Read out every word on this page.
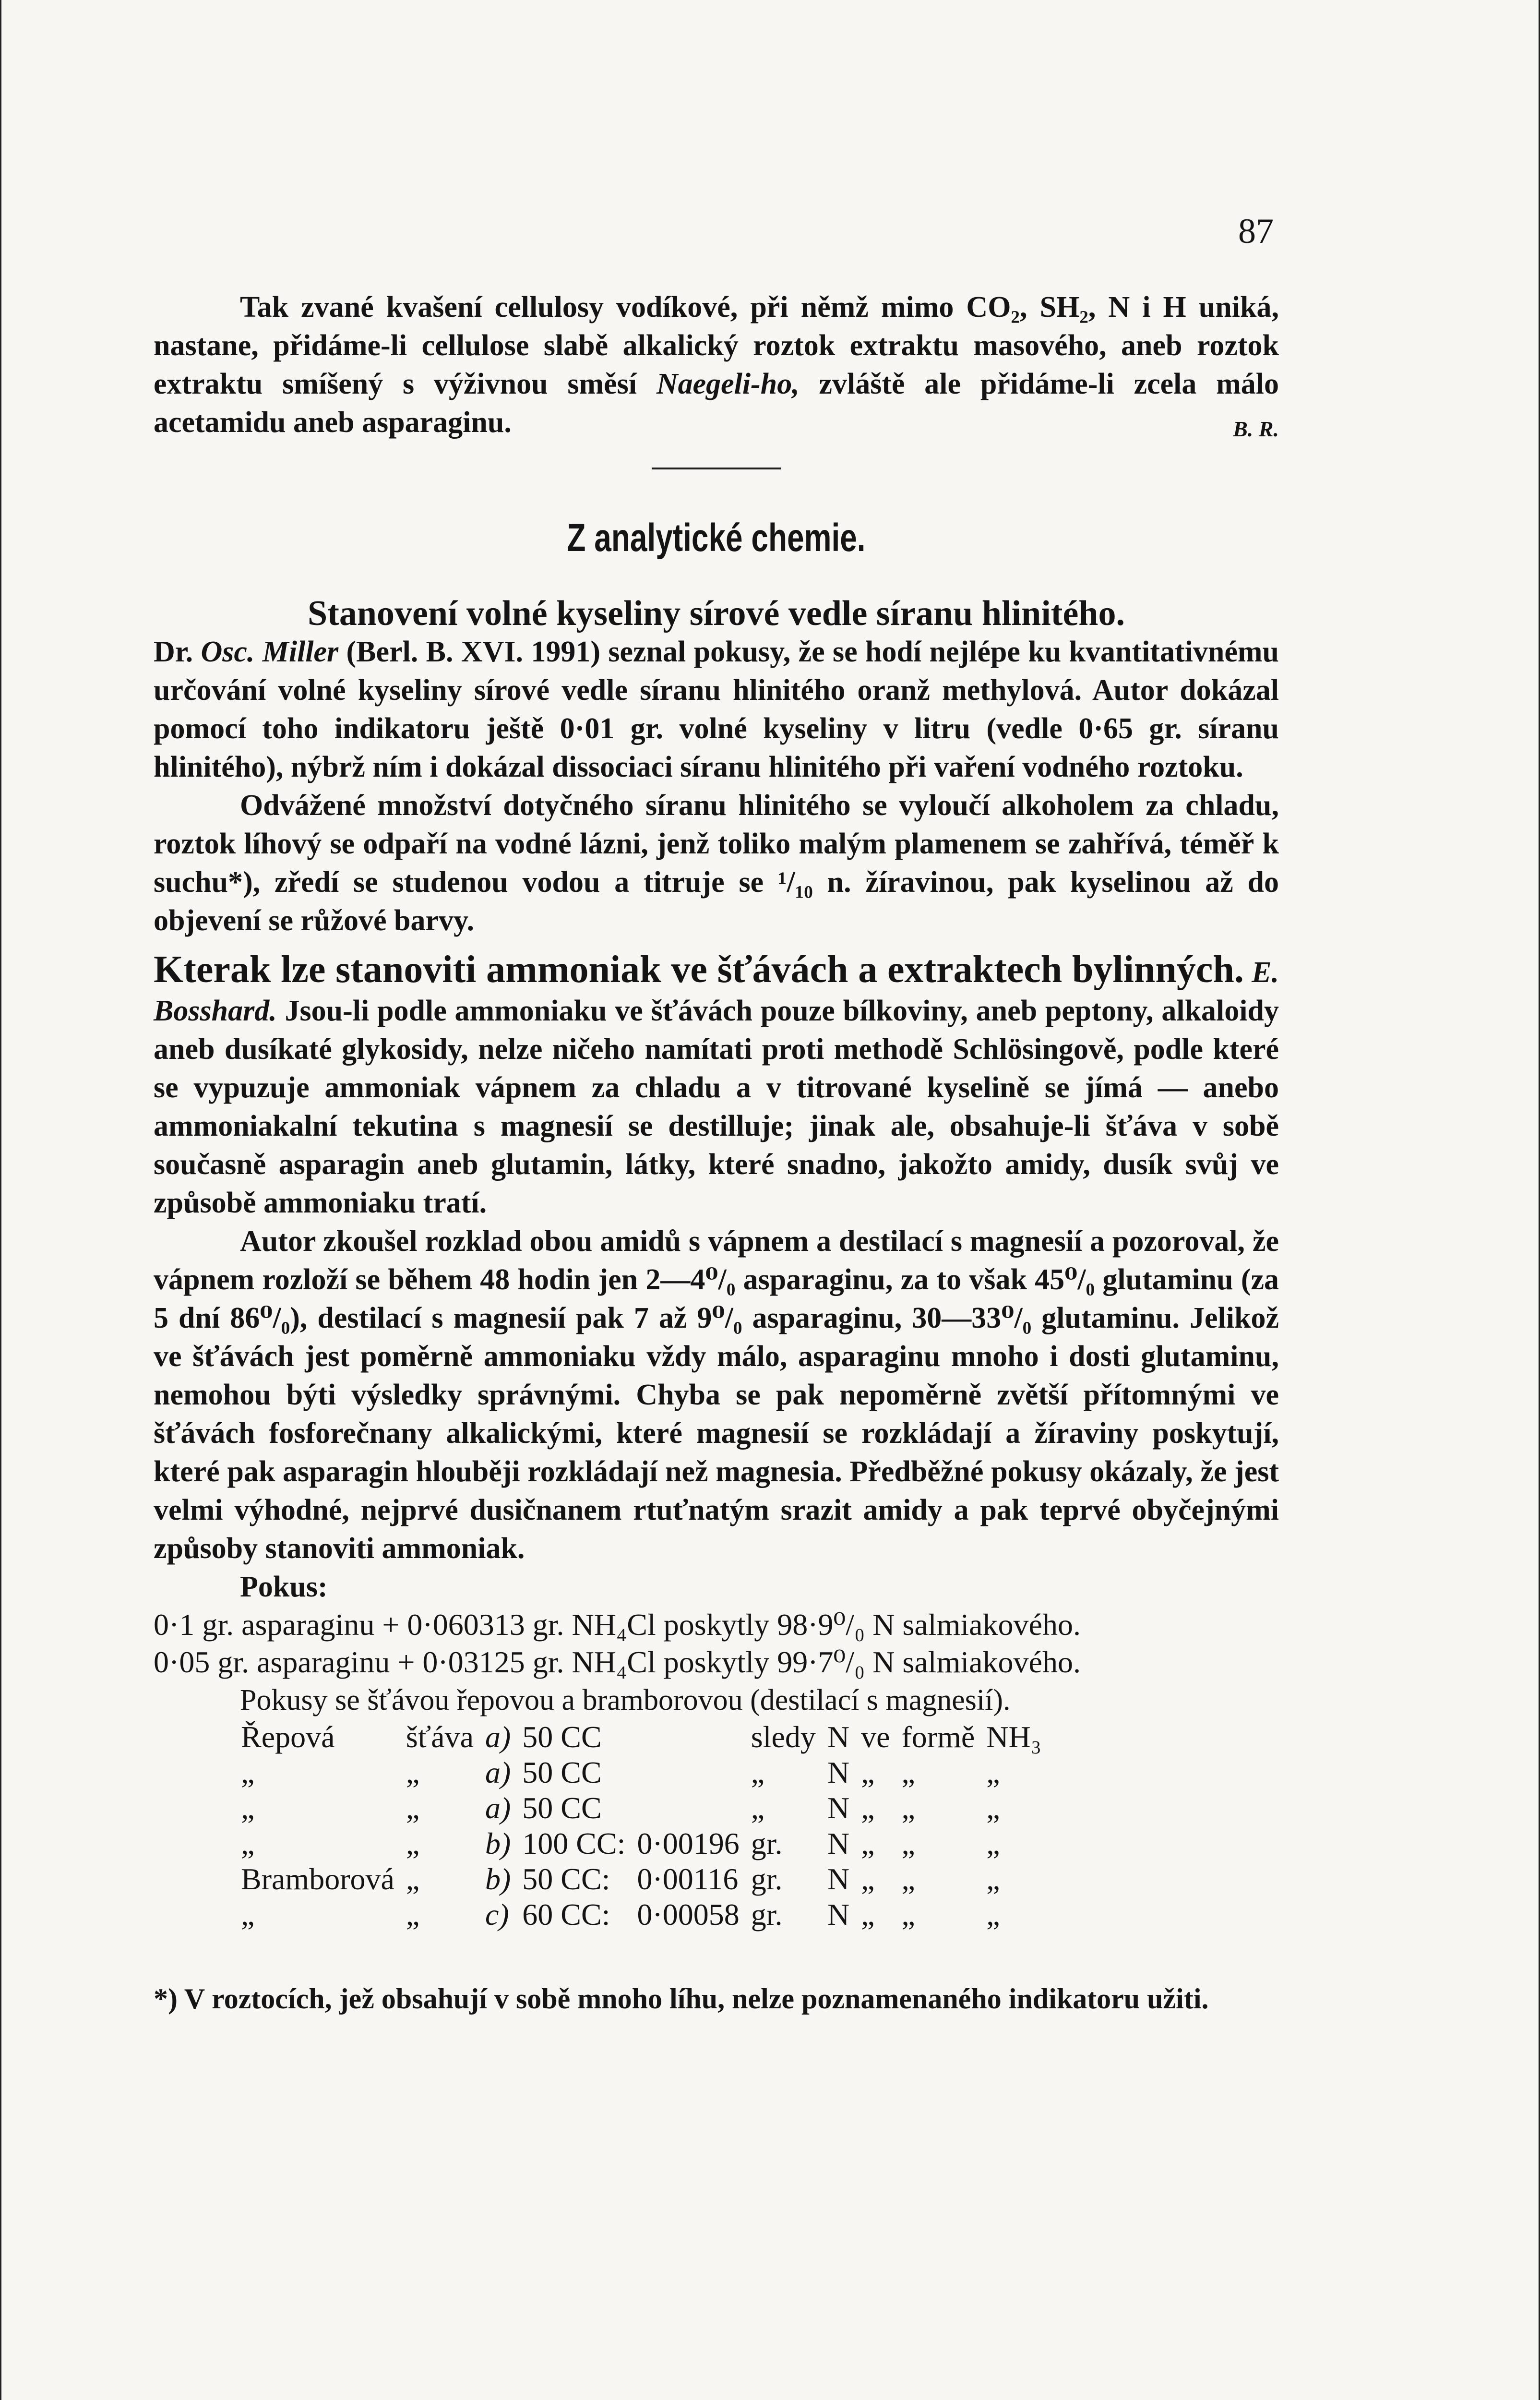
87

Tak zvané kvašení cellulosy vodíkové, při němž mimo CO₂, SH₂, N i H uniká, nastane, přidáme-li cellulose slabě alkalický roztok extraktu masového, aneb roztok extraktu smíšený s výživnou směsí Naegeli-ho, zvláště ale přidáme-li zcela málo acetamidu aneb asparaginu.	B. R.

Z analytické chemie.

Stanovení volné kyseliny sírové vedle síranu hlinitého.

Dr. Osc. Miller (Berl. B. XVI. 1991) seznal pokusy, že se hodí nejlépe ku kvantitativnému určování volné kyseliny sírové vedle síranu hlinitého oranž methylová. Autor dokázal pomocí toho indikatoru ještě 0·01 gr. volné kyseliny v litru (vedle 0·65 gr. síranu hlinitého), nýbrž ním i dokázal dissociaci síranu hlinitého při vaření vodného roztoku.

Odvážené množství dotyčného síranu hlinitého se vyloučí alkoholem za chladu, roztok líhový se odpaří na vodné lázni, jenž toliko malým plamenem se zahřívá, téměř k suchu*), zředí se studenou vodou a titruje se ¹/₁₀ n. žíravinou, pak kyselinou až do objevení se růžové barvy.

Kterak lze stanoviti ammoniak ve šťávách a extraktech bylinných. E. Bosshard. Jsou-li podle ammoniaku ve šťávách pouze bílkoviny, aneb peptony, alkaloidy aneb dusíkaté glykosidy, nelze ničeho namítati proti methodě Schlösingově, podle které se vypuzuje ammoniak vápnem za chladu a v titrované kyselině se jímá — anebo ammoniakalní tekutina s magnesií se destilluje; jinak ale, obsahuje-li šťáva v sobě současně asparagin aneb glutamin, látky, které snadno, jakožto amidy, dusík svůj ve způsobě ammoniaku tratí.

Autor zkoušel rozklad obou amidů s vápnem a destilací s magnesií a pozoroval, že vápnem rozloží se během 48 hodin jen 2—4⁰/₀ asparaginu, za to však 45⁰/₀ glutaminu (za 5 dní 86⁰/₀), destilací s magnesií pak 7 až 9⁰/₀ asparaginu, 30—33⁰/₀ glutaminu. Jelikož ve šťávách jest poměrně ammoniaku vždy málo, asparaginu mnoho i dosti glutaminu, nemohou býti výsledky správnými. Chyba se pak nepoměrně zvětší přítomnými ve šťávách fosforečnany alkalickými, které magnesií se rozkládají a žíraviny poskytují, které pak asparagin hlouběji rozkládají než magnesia. Předběžné pokusy okázaly, že jest velmi výhodné, nejprvé dusičnanem rtuťnatým srazit amidy a pak teprvé obyčejnými způsoby stanoviti ammoniak.

Pokus:

0·1 gr. asparaginu + 0·060313 gr. NH₄Cl poskytly 98·9⁰/₀ N salmiakového.

0·05 gr. asparaginu + 0·03125 gr. NH₄Cl poskytly 99·7⁰/₀ N salmiakového.

Pokusy se šťávou řepovou a bramborovou (destilací s magnesií).

Řepová	šťáva	a)	50 CC		sledy	N	ve	formě	NH₃
„	„	a)	50 CC		„	N	„	„	„
„	„	a)	50 CC		„	N	„	„	„
„	„	b)	100 CC:	0·00196	gr.	N	„	„	„
Bramborová	„	b)	50 CC:	0·00116	gr.	N	„	„	„
„	„	c)	60 CC:	0·00058	gr.	N	„	„	„

*) V roztocích, jež obsahují v sobě mnoho líhu, nelze poznamenaného indikatoru užiti.
